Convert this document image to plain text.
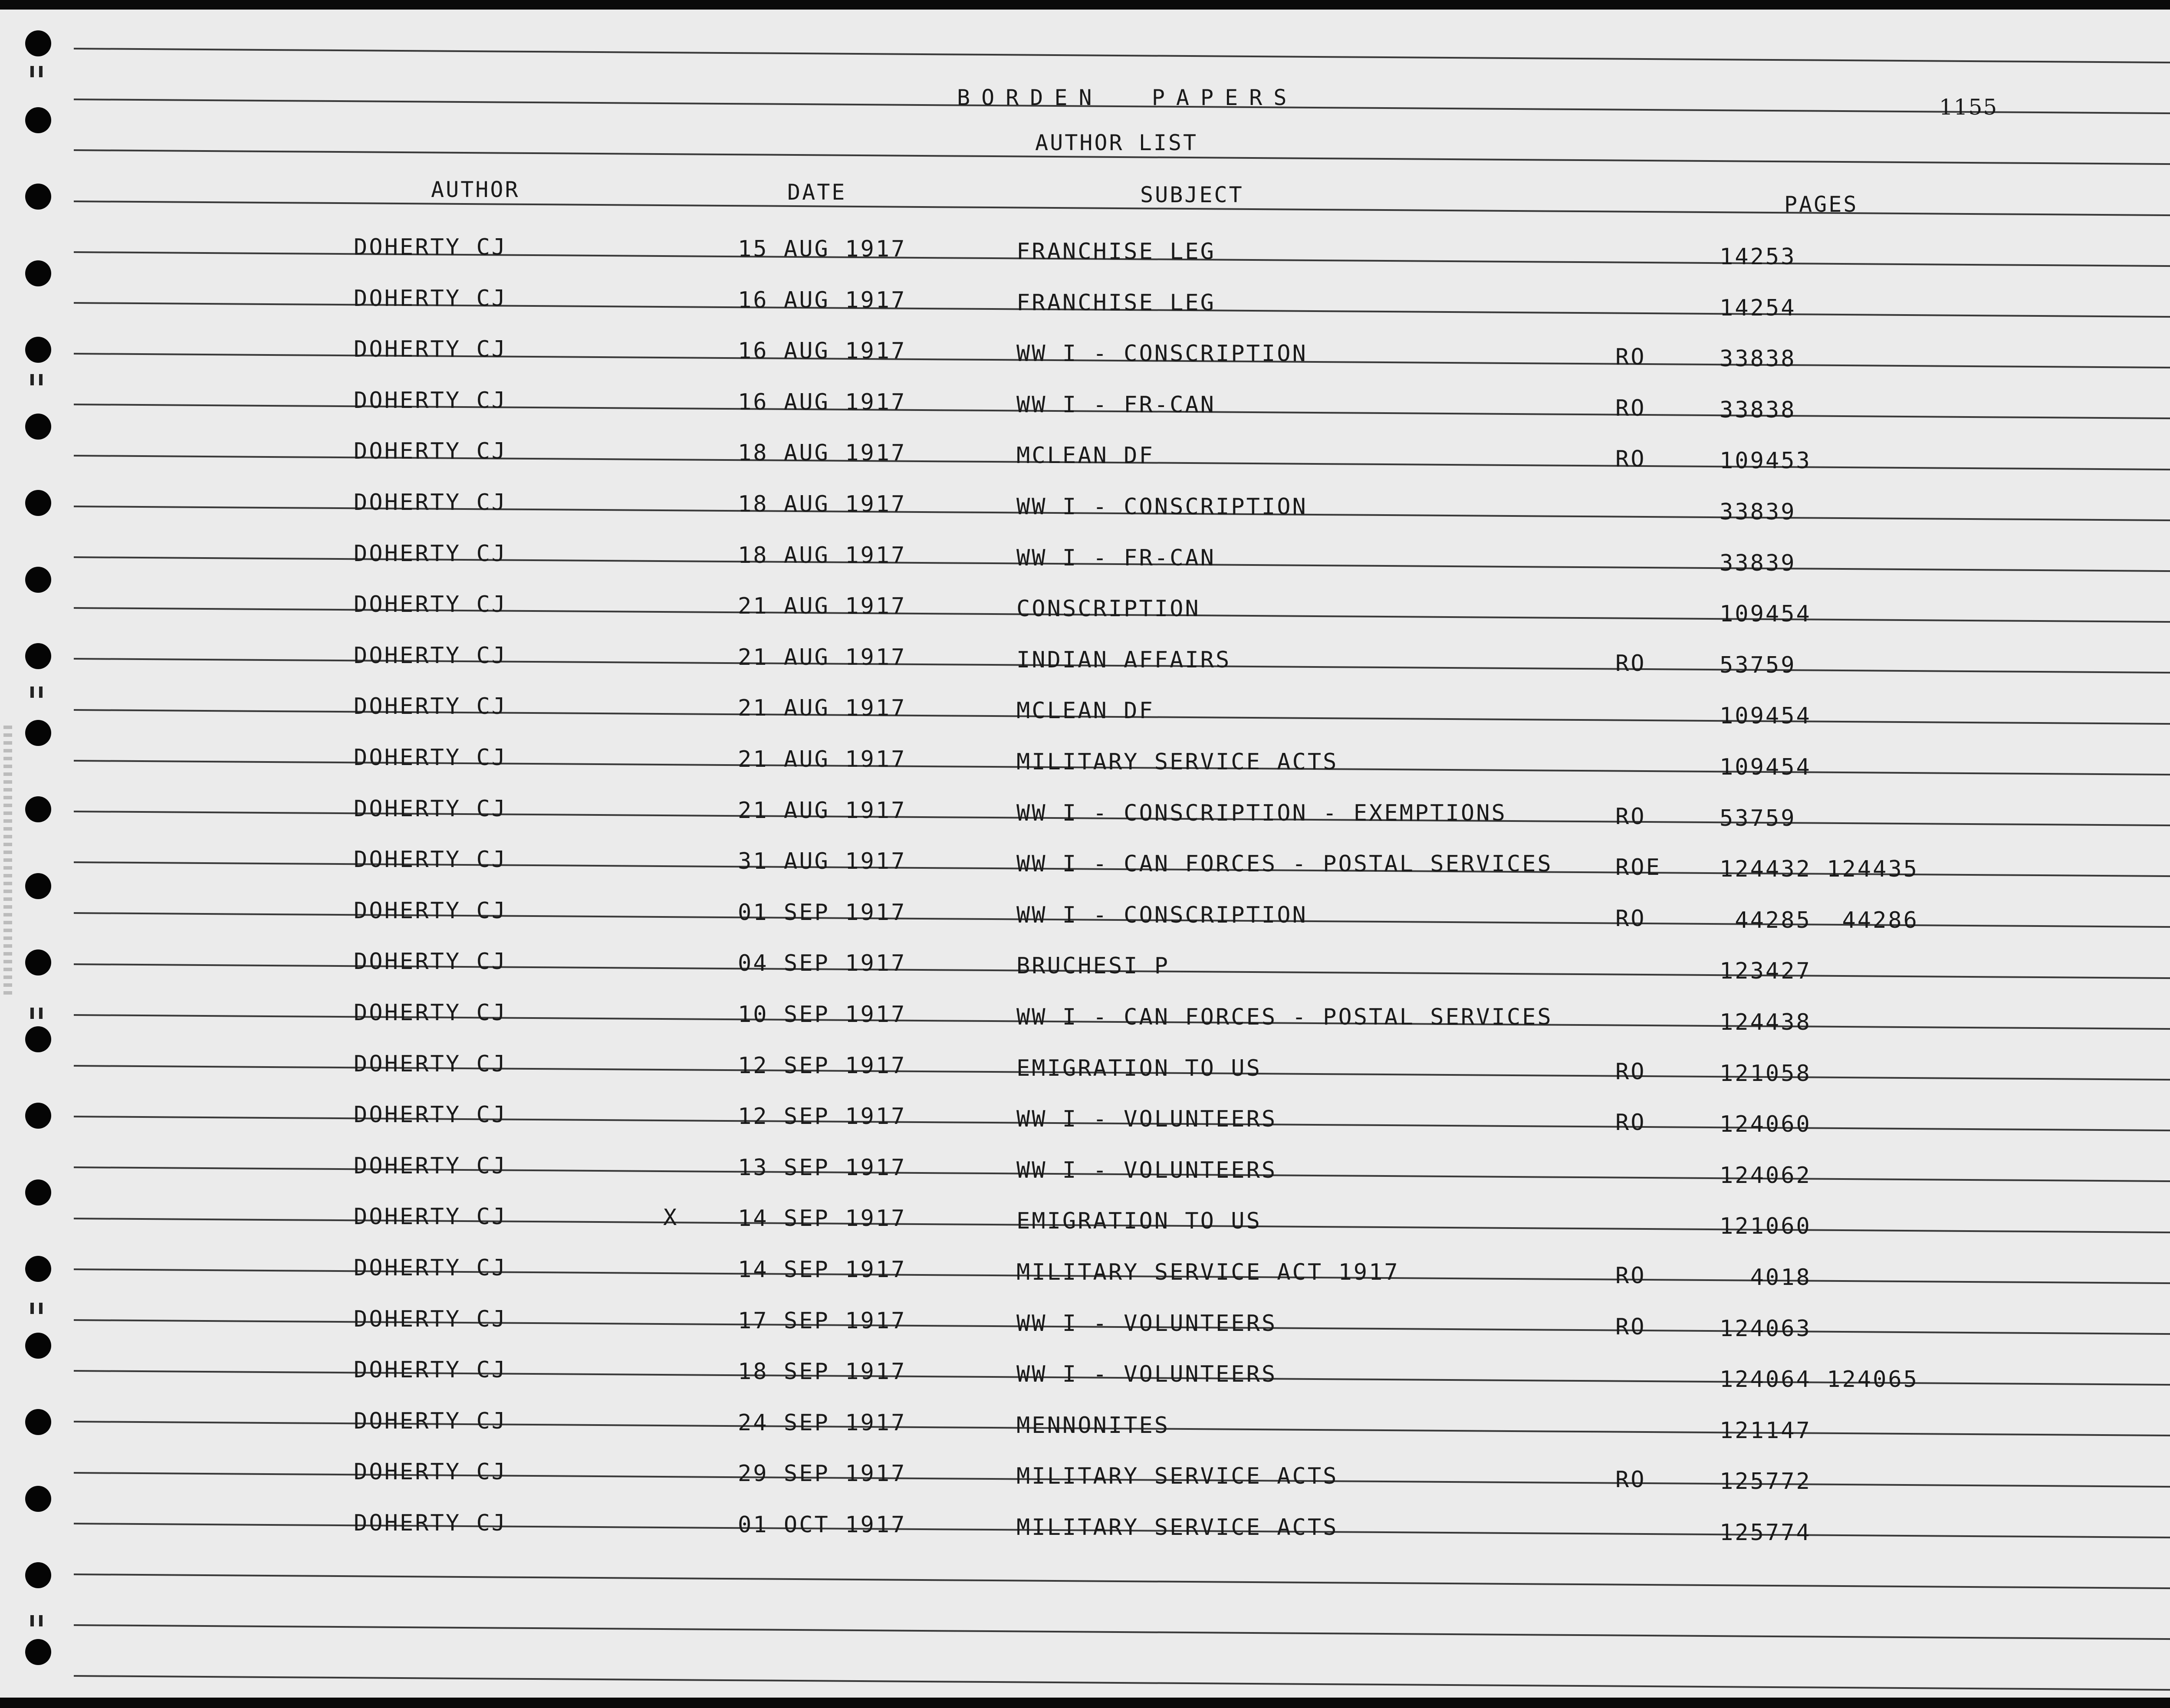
BORDEN  PAPERS	1155
AUTHOR LIST
AUTHOR	DATE	SUBJECT	PAGES
DOHERTY CJ	15 AUG 1917	FRANCHISE LEG	14253
DOHERTY CJ	16 AUG 1917	FRANCHISE LEG	14254
DOHERTY CJ	16 AUG 1917	WW I - CONSCRIPTION	RO	33838
DOHERTY CJ	16 AUG 1917	WW I - FR-CAN	RO	33838
DOHERTY CJ	18 AUG 1917	MCLEAN DF	RO	109453
DOHERTY CJ	18 AUG 1917	WW I - CONSCRIPTION	33839
DOHERTY CJ	18 AUG 1917	WW I - FR-CAN	33839
DOHERTY CJ	21 AUG 1917	CONSCRIPTION	109454
DOHERTY CJ	21 AUG 1917	INDIAN AFFAIRS	RO	53759
DOHERTY CJ	21 AUG 1917	MCLEAN DF	109454
DOHERTY CJ	21 AUG 1917	MILITARY SERVICE ACTS	109454
DOHERTY CJ	21 AUG 1917	WW I - CONSCRIPTION - EXEMPTIONS	RO	53759
DOHERTY CJ	31 AUG 1917	WW I - CAN FORCES - POSTAL SERVICES	ROE	124432 124435
DOHERTY CJ	01 SEP 1917	WW I - CONSCRIPTION	RO	44285  44286
DOHERTY CJ	04 SEP 1917	BRUCHESI P	123427
DOHERTY CJ	10 SEP 1917	WW I - CAN FORCES - POSTAL SERVICES	124438
DOHERTY CJ	12 SEP 1917	EMIGRATION TO US	RO	121058
DOHERTY CJ	12 SEP 1917	WW I - VOLUNTEERS	RO	124060
DOHERTY CJ	13 SEP 1917	WW I - VOLUNTEERS	124062
DOHERTY CJ	X	14 SEP 1917	EMIGRATION TO US	121060
DOHERTY CJ	14 SEP 1917	MILITARY SERVICE ACT 1917	RO	4018
DOHERTY CJ	17 SEP 1917	WW I - VOLUNTEERS	RO	124063
DOHERTY CJ	18 SEP 1917	WW I - VOLUNTEERS	124064 124065
DOHERTY CJ	24 SEP 1917	MENNONITES	121147
DOHERTY CJ	29 SEP 1917	MILITARY SERVICE ACTS	RO	125772
DOHERTY CJ	01 OCT 1917	MILITARY SERVICE ACTS	125774
